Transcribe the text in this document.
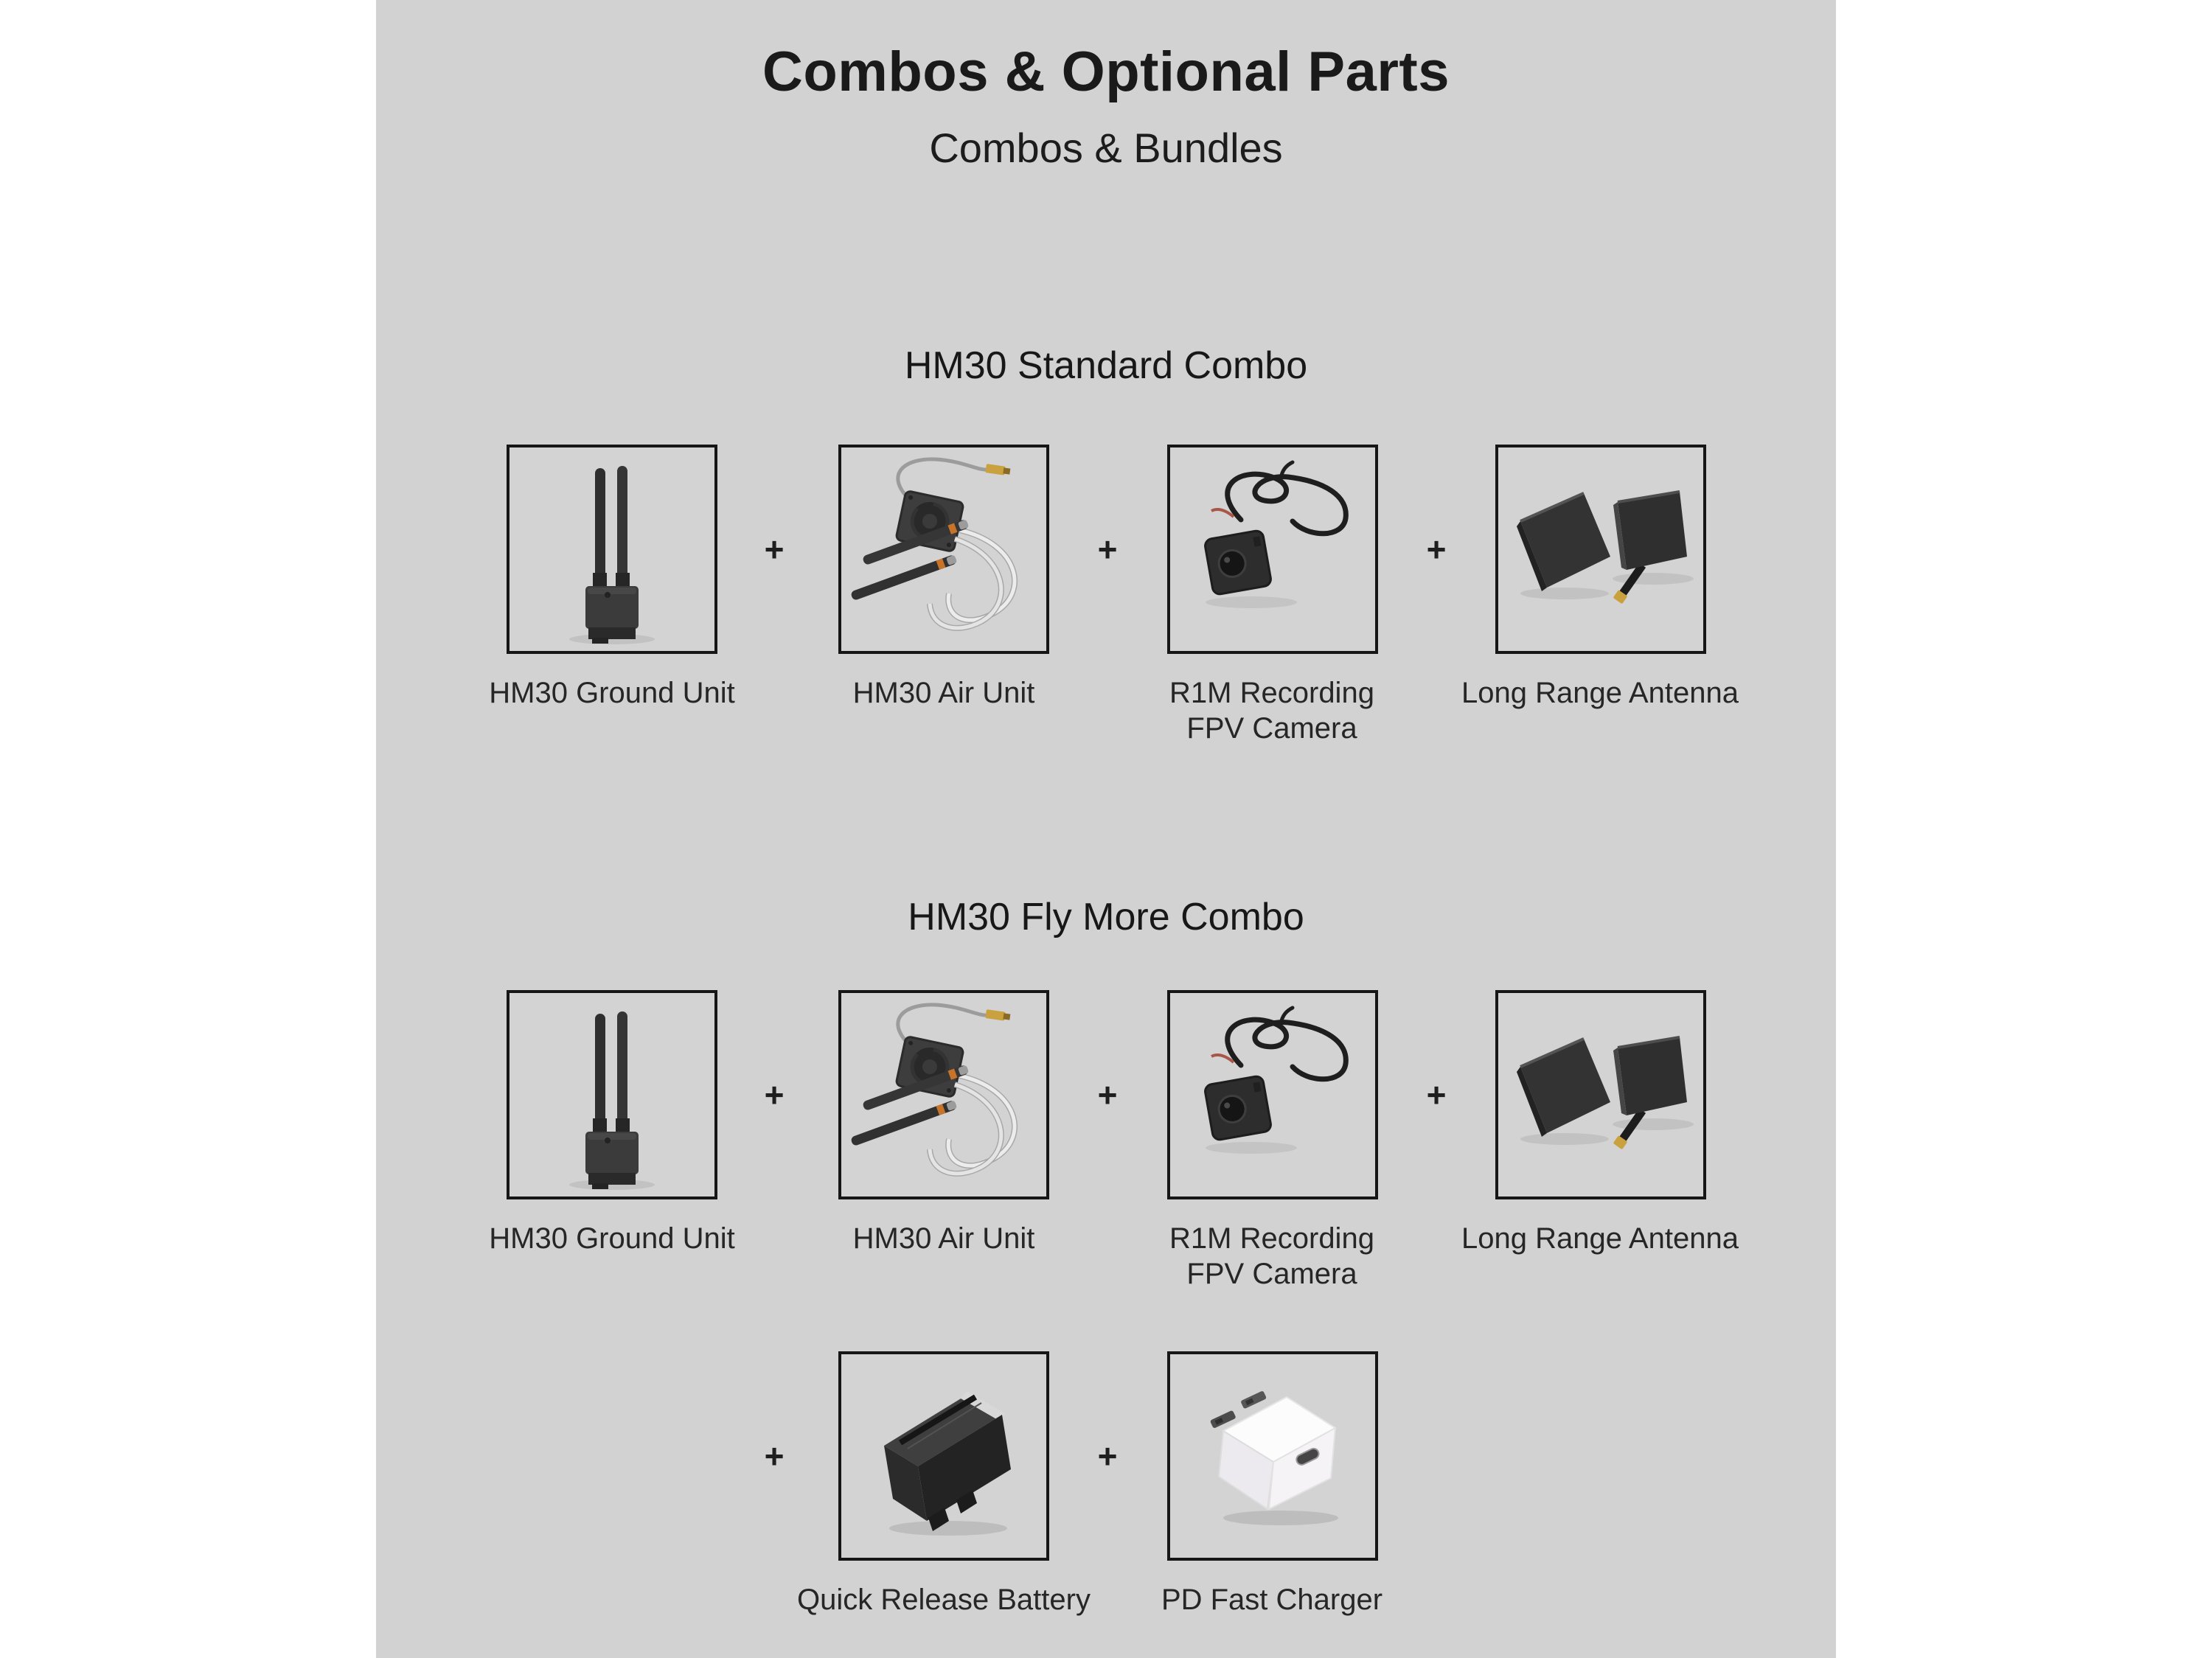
Combos & Optional Parts
Combos & Bundles
HM30 Standard Combo
+	+	+
HM30 Ground Unit	HM30 Air Unit	R1M Recording FPV Camera
Long Range Antenna
HM30 Fly More Combo
+	+	+
HM30 Ground Unit	HM30 Air Unit	R1M Recording FPV Camera
Long Range Antenna
+	+
Quick Release Battery	PD Fast Charger
